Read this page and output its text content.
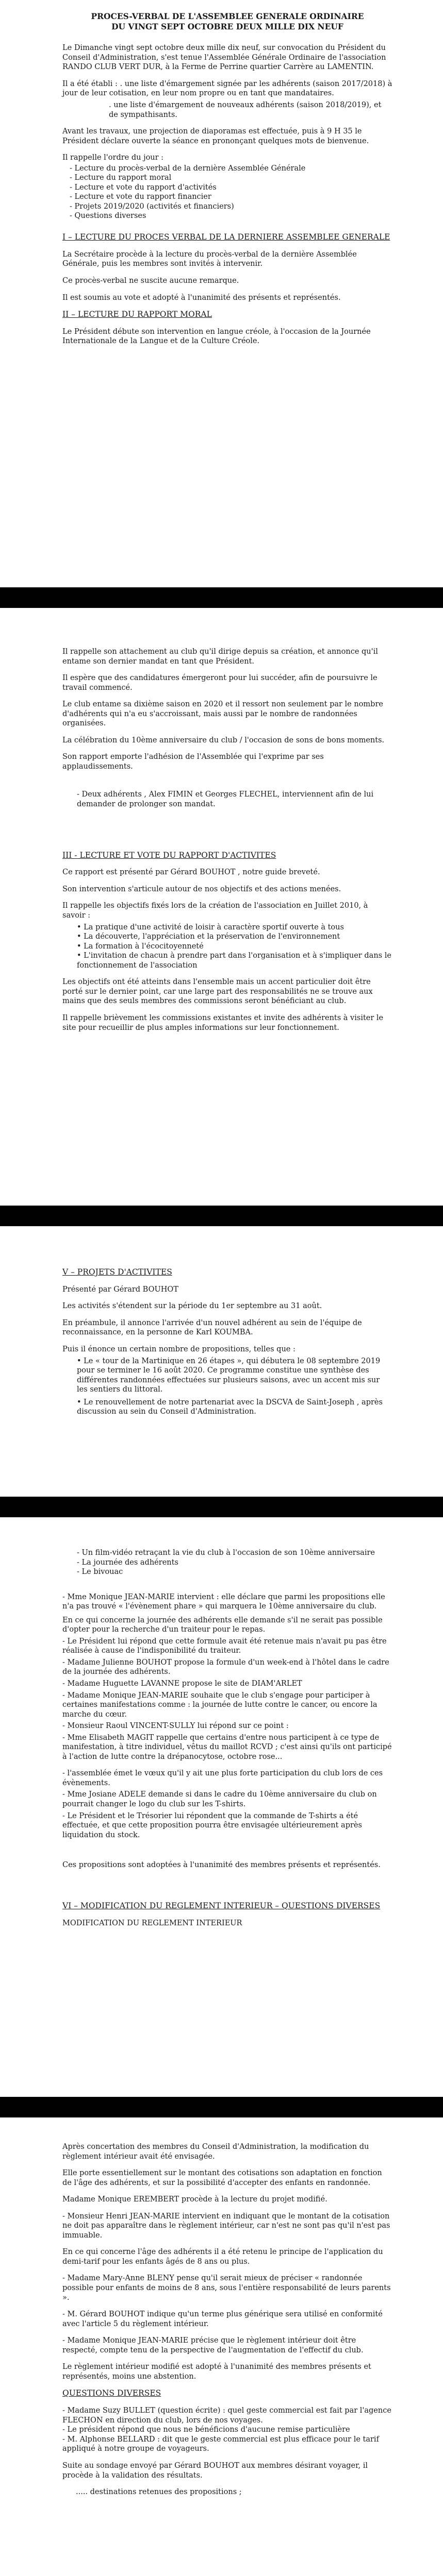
PROCES-VERBAL DE L'ASSEMBLEE GENERALE ORDINAIRE
DU VINGT SEPT OCTOBRE DEUX MILLE DIX NEUF

Le Dimanche vingt sept octobre deux mille dix neuf, sur convocation du Président du Conseil d'Administration, s'est tenue l'Assemblée Générale Ordinaire de l'association RANDO CLUB VERT DUR, à la Ferme de Perrine quartier Carrère au LAMENTIN.

Il a été établi : . une liste d'émargement signée par les adhérents (saison 2017/2018) à jour de leur cotisation, en leur nom propre ou en tant que mandataires.

. une liste d'émargement de nouveaux adhérents (saison 2018/2019), et de sympathisants.

Avant les travaux, une projection de diaporamas est effectuée, puis à 9 H 35 le Président déclare ouverte la séance en prononçant quelques mots de bienvenue.

Il rappelle l'ordre du jour :

- Lecture du procès-verbal de la dernière Assemblée Générale
- Lecture du rapport moral
- Lecture et vote du rapport d'activités
- Lecture et vote du rapport financier
- Projets 2019/2020 (activités et financiers)
- Questions diverses

I – LECTURE DU PROCES VERBAL DE LA DERNIERE ASSEMBLEE GENERALE

La Secrétaire procède à la lecture du procès-verbal de la dernière Assemblée Générale, puis les membres sont invités à intervenir.

Ce procès-verbal ne suscite aucune remarque.

Il est soumis au vote et adopté à l'unanimité des présents et représentés.

II – LECTURE DU RAPPORT MORAL

Le Président débute son intervention en langue créole, à l'occasion de la Journée Internationale de la Langue et de la Culture Créole.

Il rappelle son attachement au club qu'il dirige depuis sa création, et annonce qu'il entame son dernier mandat en tant que Président.

Il espère que des candidatures émergeront pour lui succéder, afin de poursuivre le travail commencé.

Le club entame sa dixième saison en 2020 et il ressort non seulement par le nombre d'adhérents qui n'a eu s'accroissant, mais aussi par le nombre de randonnées organisées.

La célébration du 10ème anniversaire du club / l'occasion de sons de bons moments.

Son rapport emporte l'adhésion de l'Assemblée qui l'exprime par ses applaudissements.

- Deux adhérents , Alex FIMIN et Georges FLECHEL, interviennent afin de lui demander de prolonger son mandat.
III - LECTURE ET VOTE DU RAPPORT D'ACTIVITES

Ce rapport est présenté par Gérard BOUHOT , notre guide breveté.

Son intervention s'articule autour de nos objectifs et des actions menées.

Il rappelle les objectifs fixés lors de la création de l'association en Juillet 2010, à savoir :

• La pratique d'une activité de loisir à caractère sportif ouverte à tous
• La découverte, l'appréciation et la préservation de l'environnement
• La formation à l'écocitoyenneté
• L'invitation de chacun à prendre part dans l'organisation et à s'impliquer dans le fonctionnement de l'association

Les objectifs ont été atteints dans l'ensemble mais un accent particulier doit être porté sur le dernier point, car une large part des responsabilités ne se trouve aux mains que des seuls membres des commissions seront bénéficiant au club.

Il rappelle brièvement les commissions existantes et invite des adhérents à visiter le site pour recueillir de plus amples informations sur leur fonctionnement.

V – PROJETS D'ACTIVITES

Présenté par Gérard BOUHOT

Les activités s'étendent sur la période du 1er septembre au 31 août.

En préambule, il annonce l'arrivée d'un nouvel adhérent au sein de l'équipe de reconnaissance, en la personne de Karl KOUMBA.

Puis il énonce un certain nombre de propositions, telles que :

• Le « tour de la Martinique en 26 étapes », qui débutera le 08 septembre 2019 pour se terminer le 16 août 2020. Ce programme constitue une synthèse des différentes randonnées effectuées sur plusieurs saisons, avec un accent mis sur les sentiers du littoral.
• Le renouvellement de notre partenariat avec la DSCVA de Saint-Joseph , après discussion au sein du Conseil d'Administration.
- Un film-vidéo retraçant la vie du club à l'occasion de son 10ème anniversaire
- La journée des adhérents
- Le bivouac

- Mme Monique JEAN-MARIE intervient : elle déclare que parmi les propositions elle n'a pas trouvé « l'évènement phare » qui marquera le 10ème anniversaire du club.

En ce qui concerne la journée des adhérents elle demande s'il ne serait pas possible d'opter pour la recherche d'un traiteur pour le repas.

- Le Président lui répond que cette formule avait été retenue mais n'avait pu pas être réalisée à cause de l'indisponibilité du traiteur.

- Madame Julienne BOUHOT propose la formule d'un week-end à l'hôtel dans le cadre de la journée des adhérents.

- Madame Huguette LAVANNE propose le site de DIAM'ARLET

- Madame Monique JEAN-MARIE souhaite que le club s'engage pour participer à certaines manifestations comme : la journée de lutte contre le cancer, ou encore la marche du cœur.

- Monsieur Raoul VINCENT-SULLY lui répond sur ce point :

- Mme Elisabeth MAGIT rappelle que certains d'entre nous participent à ce type de manifestation, à titre individuel, vêtus du maillot RCVD ; c'est ainsi qu'ils ont participé à l'action de lutte contre la drépanocytose, octobre rose...

- l'assemblée émet le vœux qu'il y ait une plus forte participation du club lors de ces évènements.

- Mme Josiane ADELE demande si dans le cadre du 10ème anniversaire du club on pourrait changer le logo du club sur les T-shirts.

- Le Président et le Trésorier lui répondent que la commande de T-shirts a été effectuée, et que cette proposition pourra être envisagée ultérieurement après liquidation du stock.

Ces propositions sont adoptées à l'unanimité des membres présents et représentés.

VI – MODIFICATION DU REGLEMENT INTERIEUR – QUESTIONS DIVERSES

MODIFICATION DU REGLEMENT INTERIEUR

Après concertation des membres du Conseil d'Administration, la modification du règlement intérieur avait été envisagée.

Elle porte essentiellement sur le montant des cotisations son adaptation en fonction de l'âge des adhérents, et sur la possibilité d'accepter des enfants en randonnée.

Madame Monique EREMBERT procède à la lecture du projet modifié.

- Monsieur Henri JEAN-MARIE intervient en indiquant que le montant de la cotisation ne doit pas apparaître dans le règlement intérieur, car n'est ne sont pas qu'il n'est pas immuable.

En ce qui concerne l'âge des adhérents il a été retenu le principe de l'application du demi-tarif pour les enfants âgés de 8 ans ou plus.

- Madame Mary-Anne BLENY pense qu'il serait mieux de préciser « randonnée possible pour enfants de moins de 8 ans, sous l'entière responsabilité de leurs parents ».

- M. Gérard BOUHOT indique qu'un terme plus générique sera utilisé en conformité avec l'article 5 du règlement intérieur.

- Madame Monique JEAN-MARIE précise que le règlement intérieur doit être respecté, compte tenu de la perspective de l'augmentation de l'effectif du club.

Le règlement intérieur modifié est adopté à l'unanimité des membres présents et représentés, moins une abstention.

QUESTIONS DIVERSES

- Madame Suzy BULLET (question écrite) : quel geste commercial est fait par l'agence FLECHON en direction du club, lors de nos voyages.
- Le président répond que nous ne bénéficions d'aucune remise particulière
- M. Alphonse BELLARD : dit que le geste commercial est plus efficace pour le tarif appliqué à notre groupe de voyageurs.

Suite au sondage envoyé par Gérard BOUHOT aux membres désirant voyager, il procède à la validation des résultats.

..... destinations retenues des propositions ;
